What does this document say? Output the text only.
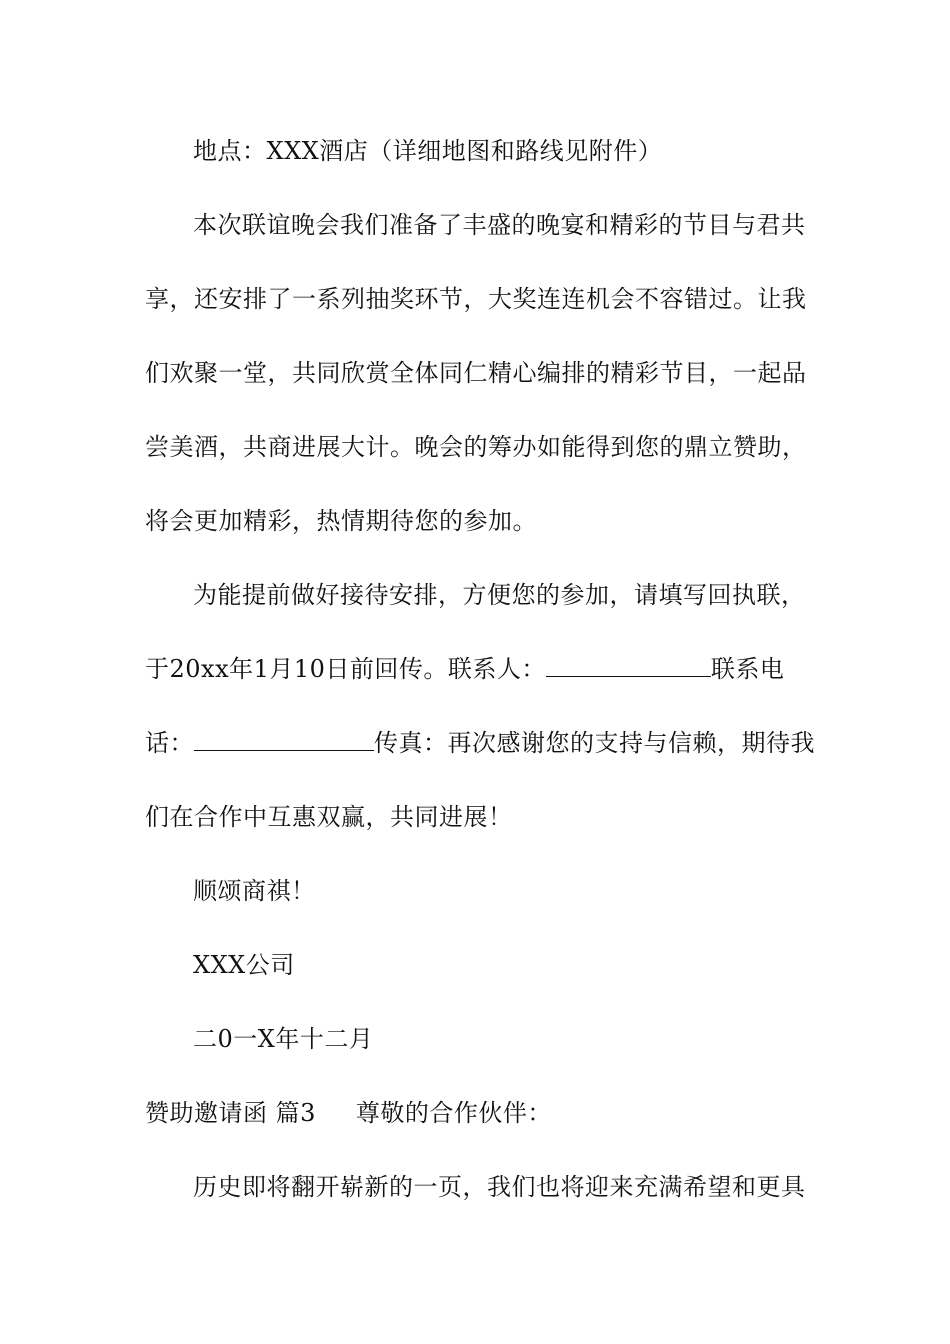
地点：XXX酒店（详细地图和路线见附件）
本次联谊晚会我们准备了丰盛的晚宴和精彩的节目与君共
享，还安排了一系列抽奖环节，大奖连连机会不容错过。让我
们欢聚一堂，共同欣赏全体同仁精心编排的精彩节目，一起品
尝美酒，共商进展大计。晚会的筹办如能得到您的鼎立赞助，
将会更加精彩，热情期待您的参加。
为能提前做好接待安排，方便您的参加，请填写回执联，
于20xx年1月10日前回传。联系人：	联系电
话：	传真：再次感谢您的支持与信赖，期待我
们在合作中互惠双赢，共同进展！
顺颂商祺！
XXX公司
二0一X年十二月
赞助邀请函 篇3 尊敬的合作伙伴：
历史即将翻开崭新的一页，我们也将迎来充满希望和更具
